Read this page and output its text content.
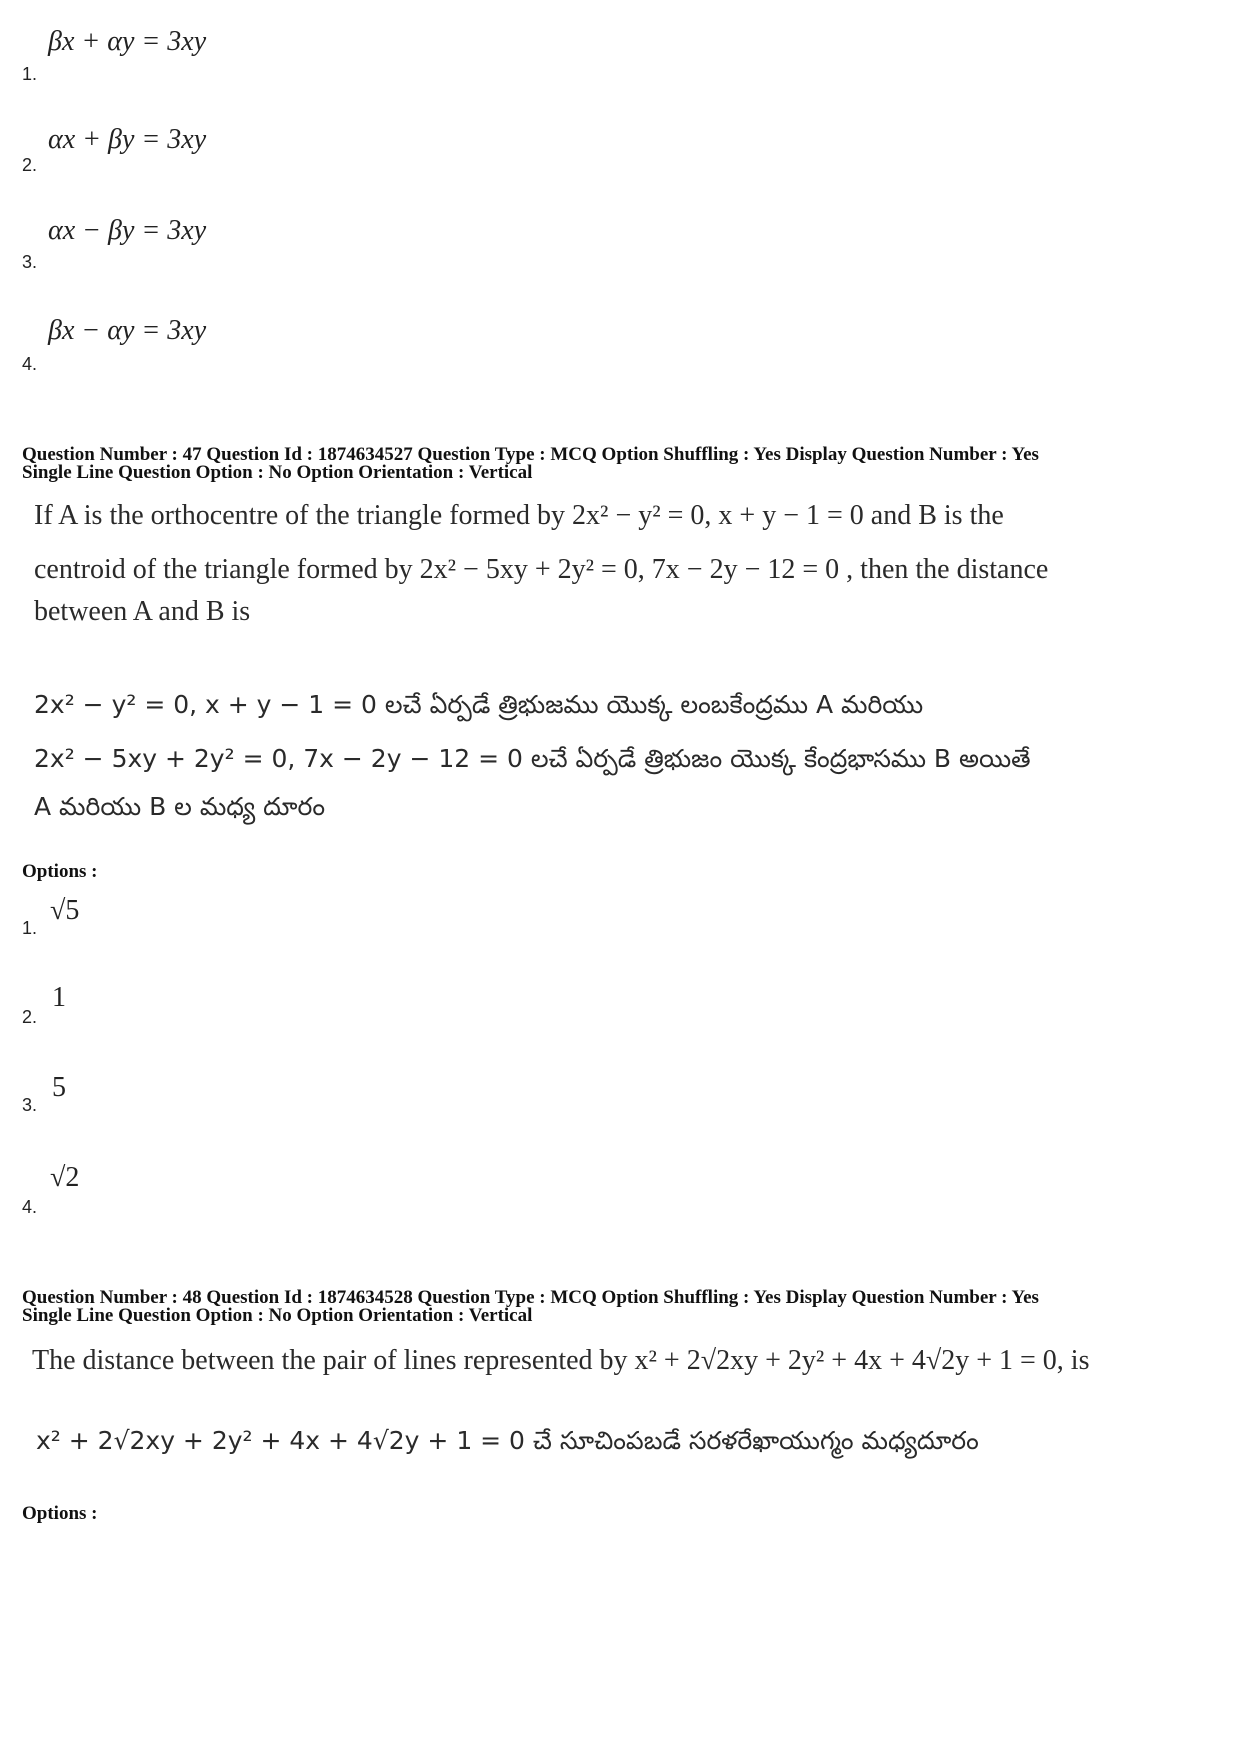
βx + αy = 3xy
1.
αx + βy = 3xy
2.
αx − βy = 3xy
3.
βx − αy = 3xy
4.
Question Number : 47 Question Id : 1874634527 Question Type : MCQ Option Shuffling : Yes Display Question Number : Yes
Single Line Question Option : No Option Orientation : Vertical
If A is the orthocentre of the triangle formed by 2x² − y² = 0, x + y − 1 = 0 and B is the
centroid of the triangle formed by 2x² − 5xy + 2y² = 0, 7x − 2y − 12 = 0 , then the distance
between A and B is
2x² − y² = 0, x + y − 1 = 0 లచే ఏర్పడే త్రిభుజము యొక్క లంబకేంద్రము A మరియు
2x² − 5xy + 2y² = 0, 7x − 2y − 12 = 0 లచే ఏర్పడే త్రిభుజం యొక్క కేంద్రభాసము B అయితే
A మరియు B ల మధ్య దూరం
Options :
√5
1.
1
2.
5
3.
√2
4.
Question Number : 48 Question Id : 1874634528 Question Type : MCQ Option Shuffling : Yes Display Question Number : Yes
Single Line Question Option : No Option Orientation : Vertical
The distance between the pair of lines represented by x² + 2√2xy + 2y² + 4x + 4√2y + 1 = 0, is
x² + 2√2xy + 2y² + 4x + 4√2y + 1 = 0 చే సూచింపబడే సరళరేఖాయుగ్మం మధ్యదూరం
Options :
